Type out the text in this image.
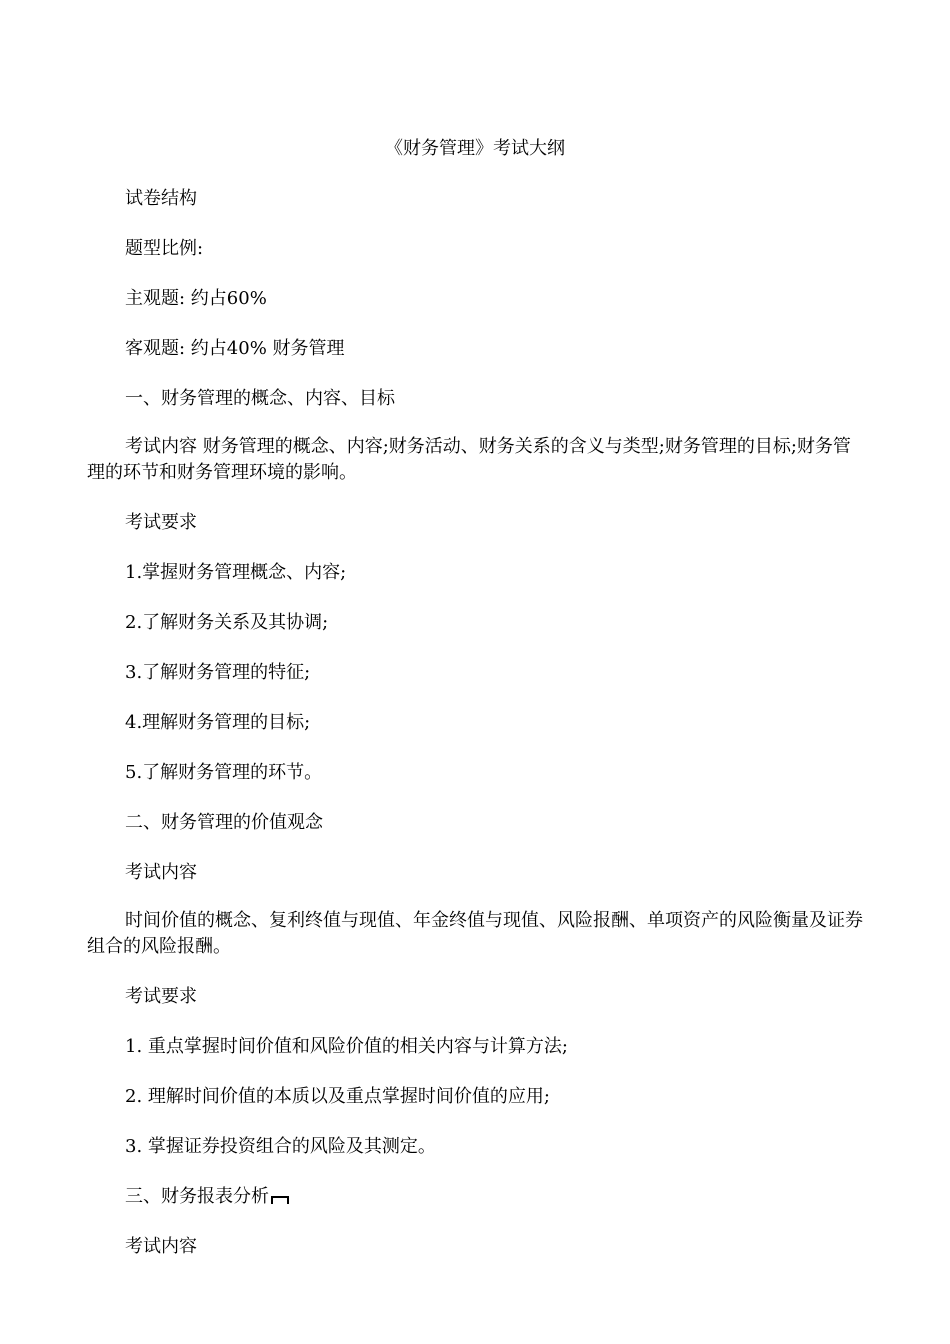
《财务管理》考试大纲
试卷结构
题型比例:
主观题: 约占60%
客观题: 约占40% 财务管理
一、财务管理的概念、内容、目标
考试内容 财务管理的概念、内容;财务活动、财务关系的含义与类型;财务管理的目标;财务管理的环节和财务管理环境的影响。
考试要求
1.掌握财务管理概念、内容;
2.了解财务关系及其协调;
3.了解财务管理的特征;
4.理解财务管理的目标;
5.了解财务管理的环节。
二、财务管理的价值观念
考试内容
时间价值的概念、复利终值与现值、年金终值与现值、风险报酬、单项资产的风险衡量及证券组合的风险报酬。
考试要求
1. 重点掌握时间价值和风险价值的相关内容与计算方法;
2. 理解时间价值的本质以及重点掌握时间价值的应用;
3. 掌握证券投资组合的风险及其测定。
三、财务报表分析
考试内容
